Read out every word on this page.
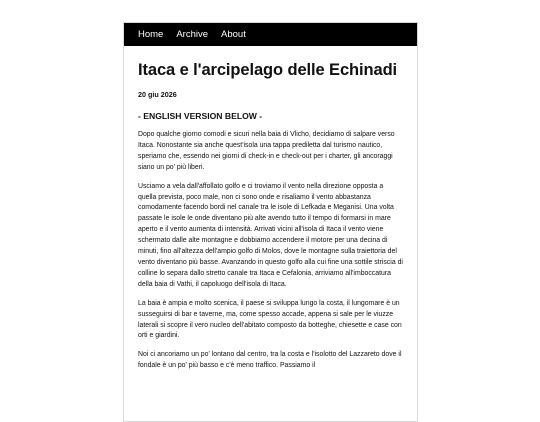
Home Archive About
Itaca e l'arcipelago delle Echinadi
20 giu 2026
- ENGLISH VERSION BELOW -

Dopo qualche giorno comodi e sicuri nella baia di Vlicho, decidiamo di salpare verso Itaca. Nonostante sia anche quest'isola una tappa prediletta dal turismo nautico, speriamo che, essendo nei giorni di check-in e check-out per i charter, gli ancoraggi siano un po' più liberi.

Usciamo a vela dall'affollato golfo e ci troviamo il vento nella direzione opposta a quella prevista, poco male, non ci sono onde e risaliamo il vento abbastanza comodamente facendo bordi nel canale tra le isole di Lefkada e Meganisi. Una volta passate le isole le onde diventano più alte avendo tutto il tempo di formarsi in mare aperto e il vento aumenta di intensità. Arrivati vicini all'isola di Itaca il vento viene schermato dalle alte montagne e dobbiamo accendere il motore per una decina di minuti, fino all'altezza dell'ampio golfo di Molos, dove le montagne sulla traiettoria del vento diventano più basse. Avanzando in questo golfo alla cui fine una sottile striscia di colline lo separa dallo stretto canale tra Itaca e Cefalonia, arriviamo all'imboccatura della baia di Vathi, il capoluogo dell'isola di Itaca.

La baia è ampia e molto scenica, il paese si sviluppa lungo la costa, il lungomare è un susseguirsi di bar e taverne, ma, come spesso accade, appena si sale per le viuzze laterali si scopre il vero nucleo dell'abitato composto da botteghe, chiesette e case con orti e giardini.

Noi ci ancoriamo un po' lontano dal centro, tra la costa e l'isolotto del Lazzareto dove il fondale è un po' più basso e c'è meno traffico. Passiamo il
